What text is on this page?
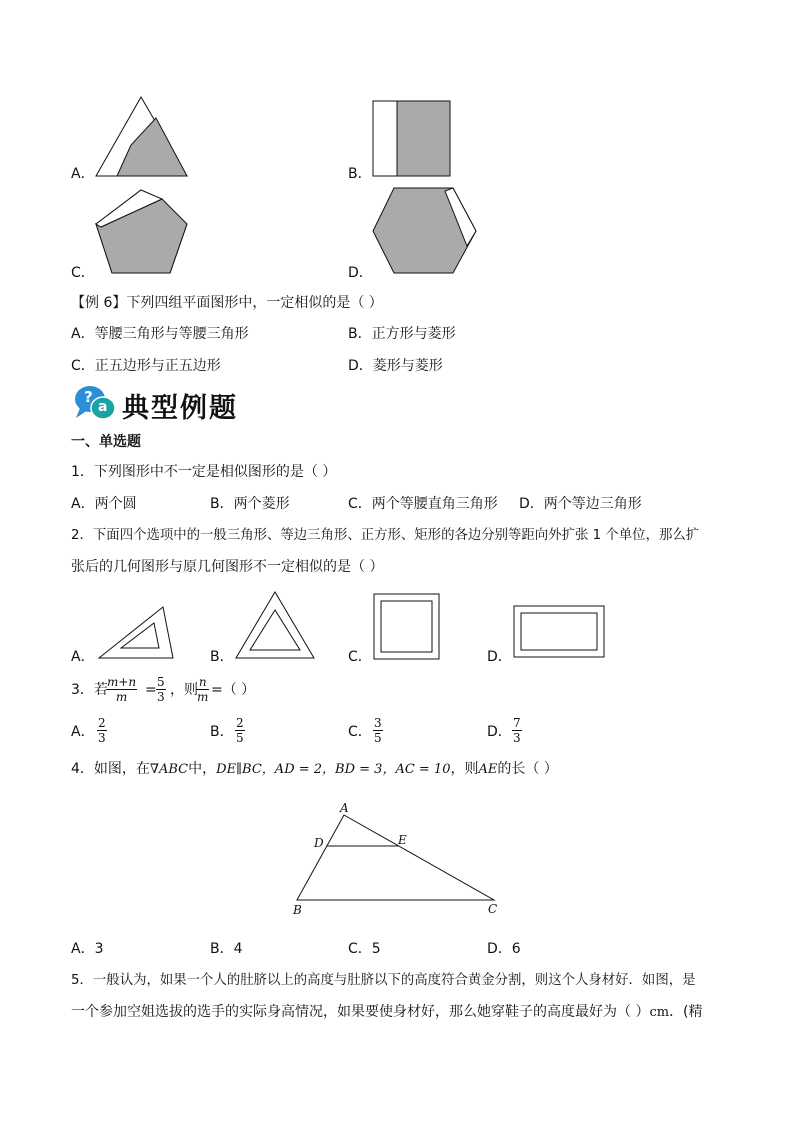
A．	B．
C．	D．
【例 6】下列四组平面图形中，一定相似的是（ ）
A．等腰三角形与等腰三角形	B．正方形与菱形
C．正五边形与正五边形	D．菱形与菱形
?
a 典型例题
一、单选题
1．下列图形中不一定是相似图形的是（ ）
A．两个圆	B．两个菱形	C．两个等腰直角三角形 D．两个等边三角形
2．下面四个选项中的一般三角形、等边三角形、正方形、矩形的各边分别等距向外扩张 1 个单位，那么扩
张后的几何图形与原几何图形不一定相似的是（ ）
A．	B．	C．	D．
3．若
$\frac{m+n}{m} = \frac{5}{3}$ ，则
$\frac{n}{m}$ =（ ）
A． $\frac{2}{3}$	B． $\frac{2}{5}$	C． $\frac{3}{5}$	D． $\frac{7}{3}$
4．如图，在∇ABC中，DE∥BC，AD = 2，BD = 3，AC = 10，则AE的长（ ）
A
D	E
B	C
A．3	B．4	C．5	D．6
5．一般认为，如果一个人的肚脐以上的高度与肚脐以下的高度符合黄金分割，则这个人身材好．如图，是
一个参加空姐选拔的选手的实际身高情况，如果要使身材好，那么她穿鞋子的高度最好为（ ）cm．(精
